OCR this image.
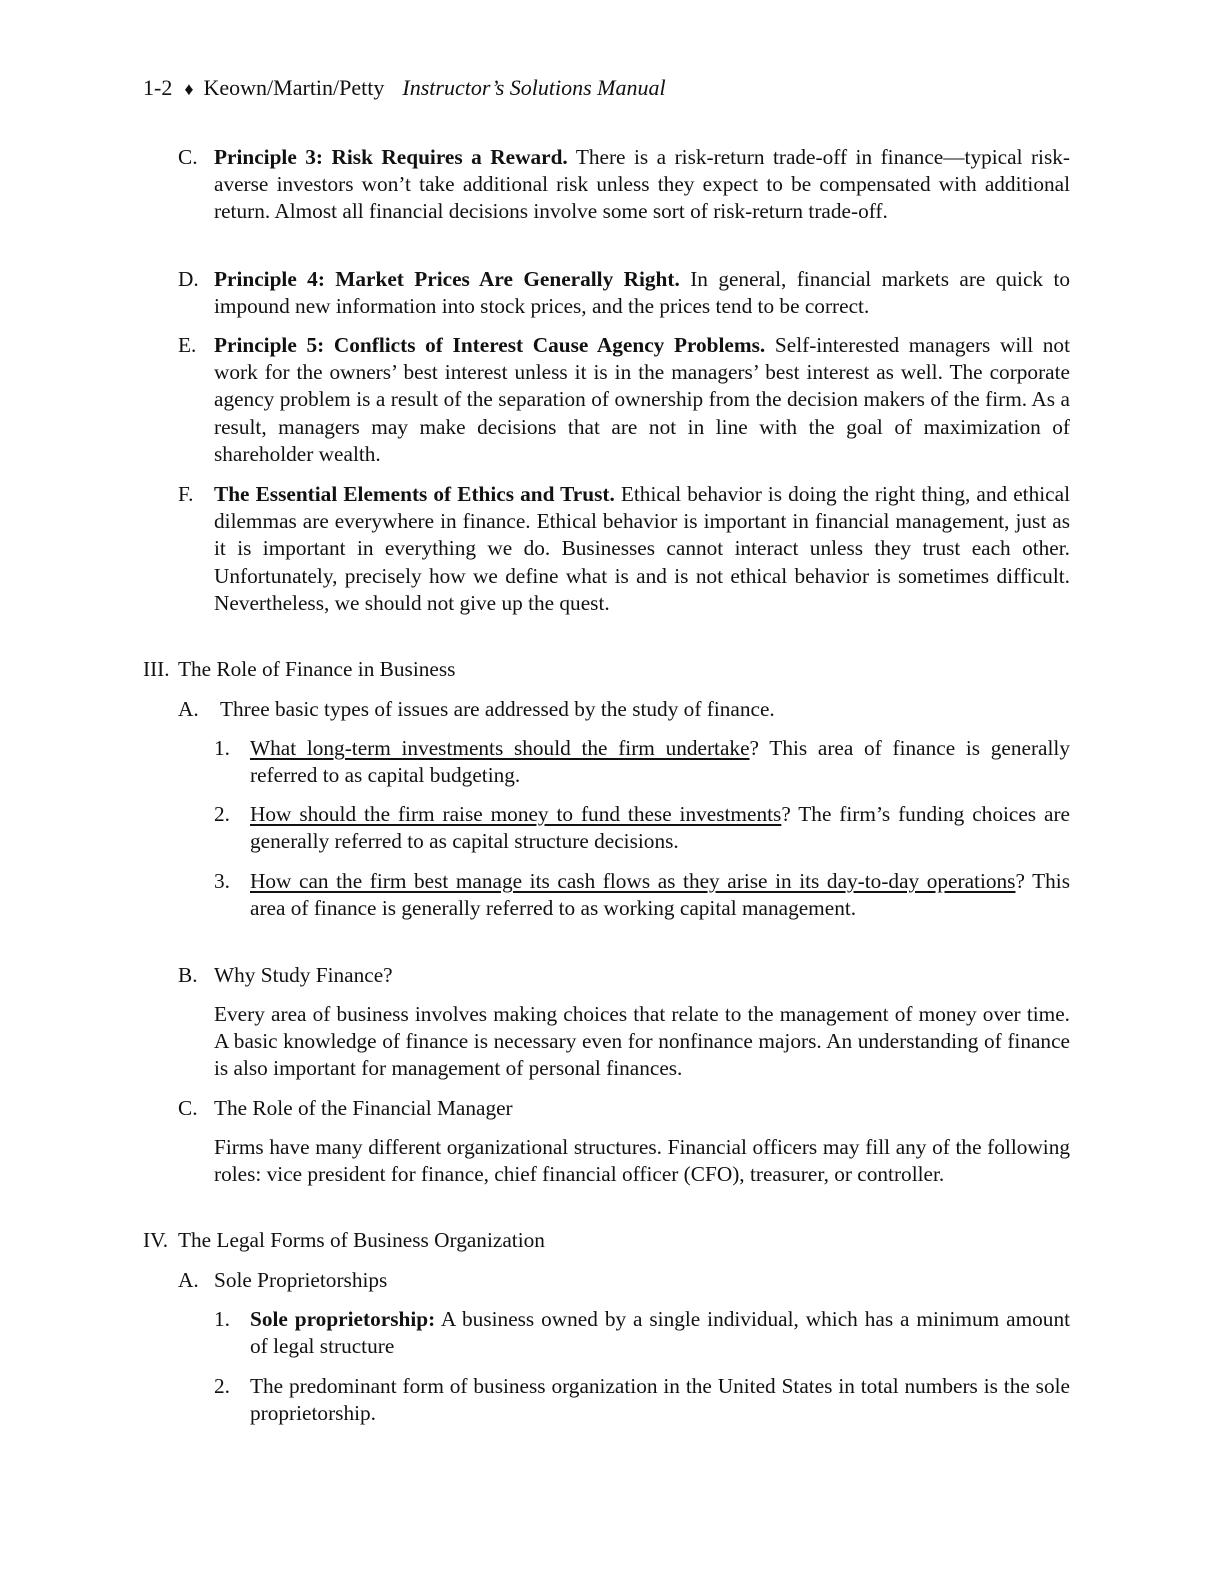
1-2 ♦ Keown/Martin/Petty Instructor’s Solutions Manual
C. Principle 3: Risk Requires a Reward. There is a risk-return trade-off in finance—typical risk-averse investors won’t take additional risk unless they expect to be compensated with additional return. Almost all financial decisions involve some sort of risk-return trade-off.
D. Principle 4: Market Prices Are Generally Right. In general, financial markets are quick to impound new information into stock prices, and the prices tend to be correct.
E. Principle 5: Conflicts of Interest Cause Agency Problems. Self-interested managers will not work for the owners’ best interest unless it is in the managers’ best interest as well. The corporate agency problem is a result of the separation of ownership from the decision makers of the firm. As a result, managers may make decisions that are not in line with the goal of maximization of shareholder wealth.
F. The Essential Elements of Ethics and Trust. Ethical behavior is doing the right thing, and ethical dilemmas are everywhere in finance. Ethical behavior is important in financial management, just as it is important in everything we do. Businesses cannot interact unless they trust each other. Unfortunately, precisely how we define what is and is not ethical behavior is sometimes difficult. Nevertheless, we should not give up the quest.
III. The Role of Finance in Business
A. Three basic types of issues are addressed by the study of finance.
1. What long-term investments should the firm undertake? This area of finance is generally referred to as capital budgeting.
2. How should the firm raise money to fund these investments? The firm’s funding choices are generally referred to as capital structure decisions.
3. How can the firm best manage its cash flows as they arise in its day-to-day operations? This area of finance is generally referred to as working capital management.
B. Why Study Finance?
Every area of business involves making choices that relate to the management of money over time. A basic knowledge of finance is necessary even for nonfinance majors. An understanding of finance is also important for management of personal finances.
C. The Role of the Financial Manager
Firms have many different organizational structures. Financial officers may fill any of the following roles: vice president for finance, chief financial officer (CFO), treasurer, or controller.
IV. The Legal Forms of Business Organization
A. Sole Proprietorships
1. Sole proprietorship: A business owned by a single individual, which has a minimum amount of legal structure
2. The predominant form of business organization in the United States in total numbers is the sole proprietorship.
